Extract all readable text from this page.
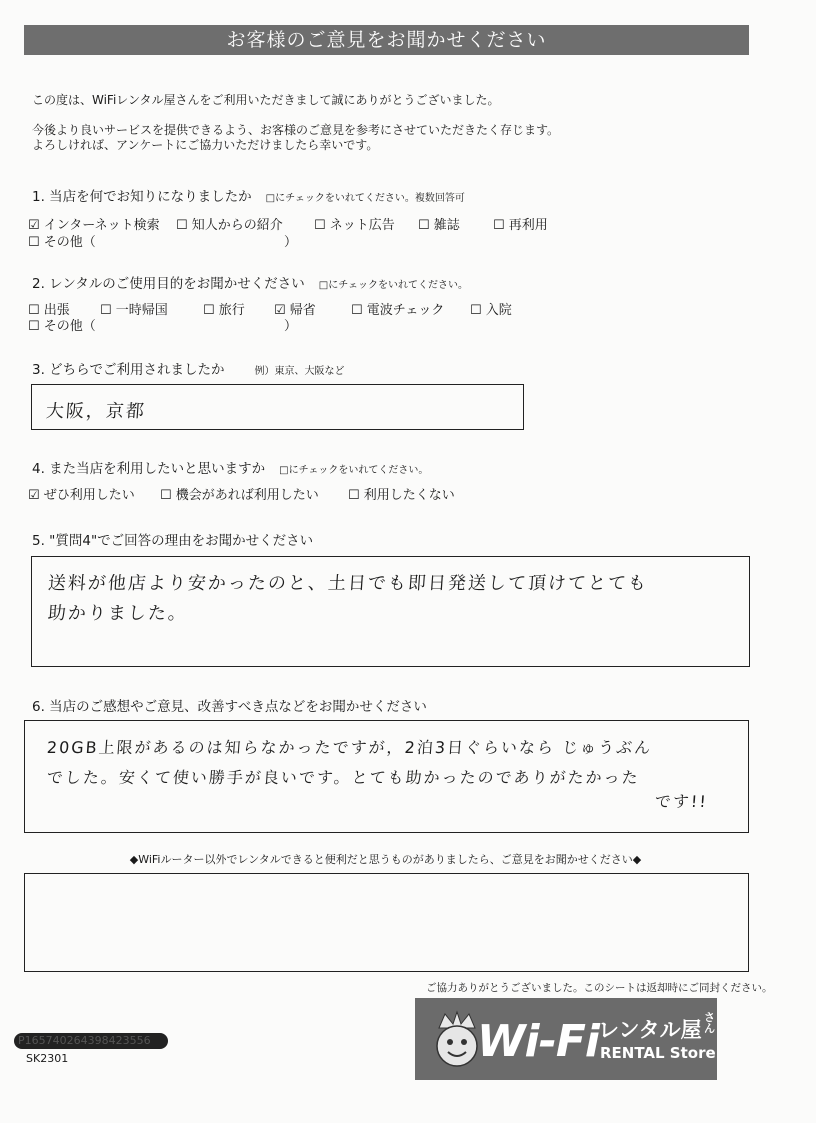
お客様のご意見をお聞かせください
この度は、WiFiレンタル屋さんをご利用いただきまして誠にありがとうございました。
今後より良いサービスを提供できるよう、お客様のご意見を参考にさせていただきたく存じます。
よろしければ、アンケートにご協力いただけましたら幸いです。
1. 当店を何でお知りになりましたか □にチェックをいれてください。複数回答可
☑ インターネット検索 ☐ 知人からの紹介 ☐ ネット広告 ☐ 雑誌	☐ 再利用
☐ その他（	）
2. レンタルのご使用目的をお聞かせください □にチェックをいれてください。
☐ 出張 ☐ 一時帰国	☐ 旅行 ☑ 帰省	☐ 電波チェック ☐ 入院
☐ その他（	）
3. どちらでご利用されましたか	例）東京、大阪など
大阪，京都
4. また当店を利用したいと思いますか □にチェックをいれてください。
☑ ぜひ利用したい ☐ 機会があれば利用したい ☐ 利用したくない
5. "質問4"でご回答の理由をお聞かせください
送料が他店より安かったのと、土日でも即日発送して頂けてとても
助かりました。
6. 当店のご感想やご意見、改善すべき点などをお聞かせください
20GB上限があるのは知らなかったですが，2泊3日ぐらいなら じゅうぶん
でした。安くて使い勝手が良いです。とても助かったのでありがたかった
です!!
◆WiFiルーター以外でレンタルできると便利だと思うものがありましたら、ご意見をお聞かせください◆
ご協力ありがとうございました。このシートは返却時にご同封ください。
Wi-Fi
レンタル屋
さん
RENTAL Store
P165740264398423556
SK2301
